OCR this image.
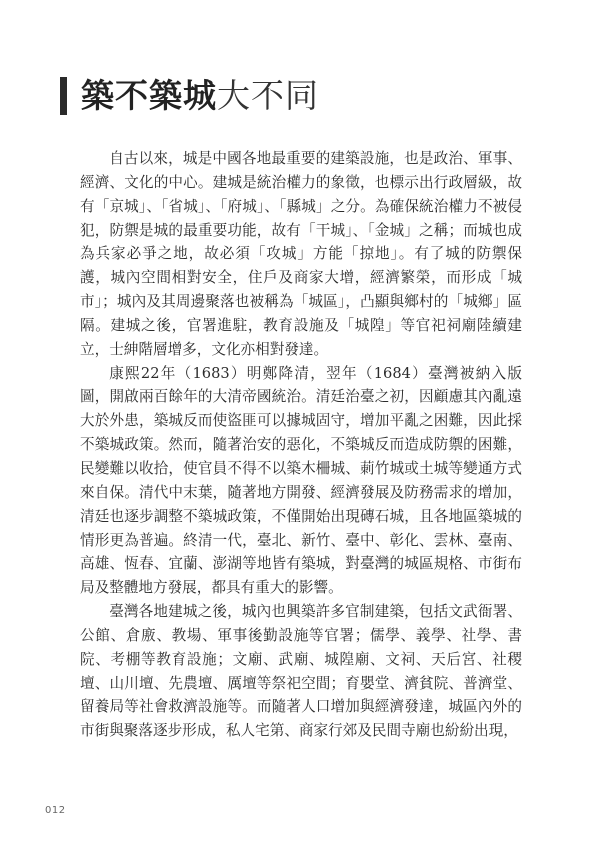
築不築城 大不同

自古以來，城是中國各地最重要的建築設施，也是政治、軍事、經濟、文化的中心。建城是統治權力的象徵，也標示出行政層級，故有「京城」、「省城」、「府城」、「縣城」之分。為確保統治權力不被侵犯，防禦是城的最重要功能，故有「干城」、「金城」之稱；而城也成為兵家必爭之地，故必須「攻城」方能「掠地」。有了城的防禦保護，城內空間相對安全，住戶及商家大增，經濟繁榮，而形成「城市」；城內及其周邊聚落也被稱為「城區」，凸顯與鄉村的「城鄉」區隔。建城之後，官署進駐，教育設施及「城隍」等官祀祠廟陸續建立，士紳階層增多，文化亦相對發達。

康熙22年（1683）明鄭降清，翌年（1684）臺灣被納入版圖，開啟兩百餘年的大清帝國統治。清廷治臺之初，因顧慮其內亂遠大於外患，築城反而使盜匪可以據城固守，增加平亂之困難，因此採不築城政策。然而，隨著治安的惡化，不築城反而造成防禦的困難，民變難以收拾，使官員不得不以築木柵城、莿竹城或土城等變通方式來自保。清代中末葉，隨著地方開發、經濟發展及防務需求的增加，清廷也逐步調整不築城政策，不僅開始出現磚石城，且各地區築城的情形更為普遍。終清一代，臺北、新竹、臺中、彰化、雲林、臺南、高雄、恆春、宜蘭、澎湖等地皆有築城，對臺灣的城區規格、市街布局及整體地方發展，都具有重大的影響。

臺灣各地建城之後，城內也興築許多官制建築，包括文武衙署、公館、倉廒、教場、軍事後勤設施等官署；儒學、義學、社學、書院、考棚等教育設施；文廟、武廟、城隍廟、文祠、天后宮、社稷壇、山川壇、先農壇、厲壇等祭祀空間；育嬰堂、濟貧院、普濟堂、留養局等社會救濟設施等。而隨著人口增加與經濟發達，城區內外的市街與聚落逐步形成，私人宅第、商家行郊及民間寺廟也紛紛出現，

012
